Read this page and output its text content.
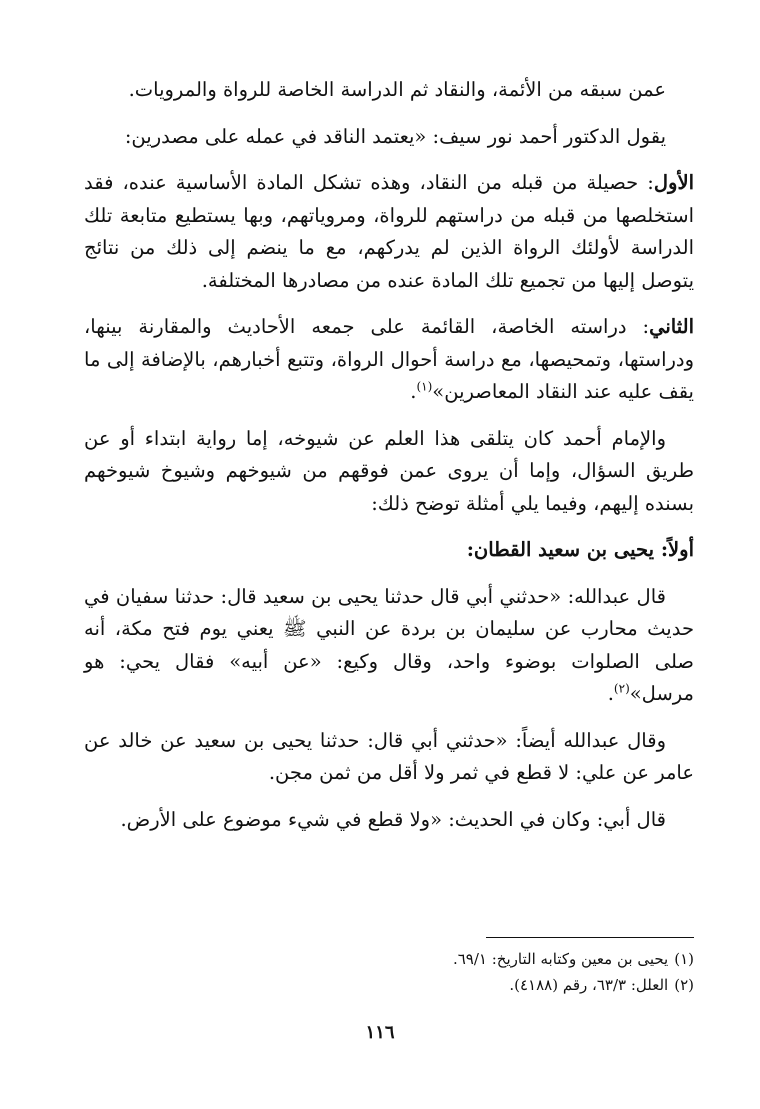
عمن سبقه من الأئمة، والنقاد ثم الدراسة الخاصة للرواة والمرويات.

يقول الدكتور أحمد نور سيف: «يعتمد الناقد في عمله على مصدرين:

الأول: حصيلة من قبله من النقاد، وهذه تشكل المادة الأساسية عنده، فقد استخلصها من قبله من دراستهم للرواة، ومروياتهم، وبها يستطيع متابعة تلك الدراسة لأولئك الرواة الذين لم يدركهم، مع ما ينضم إلى ذلك من نتائج يتوصل إليها من تجميع تلك المادة عنده من مصادرها المختلفة.

الثاني: دراسته الخاصة، القائمة على جمعه الأحاديث والمقارنة بينها، ودراستها، وتمحيصها، مع دراسة أحوال الرواة، وتتبع أخبارهم، بالإضافة إلى ما يقف عليه عند النقاد المعاصرين»$^{(١)}$.

والإمام أحمد كان يتلقى هذا العلم عن شيوخه، إما رواية ابتداء أو عن طريق السؤال، وإما أن يروى عمن فوقهم من شيوخهم وشيوخ شيوخهم بسنده إليهم، وفيما يلي أمثلة توضح ذلك:

أولاً: يحيى بن سعيد القطان:

قال عبدالله: «حدثني أبي قال حدثنا يحيى بن سعيد قال: حدثنا سفيان في حديث محارب عن سليمان بن بردة عن النبي ﷺ يعني يوم فتح مكة، أنه صلى الصلوات بوضوء واحد، وقال وكيع: «عن أبيه» فقال يحي: هو مرسل»$^{(٢)}$.

وقال عبدالله أيضاً: «حدثني أبي قال: حدثنا يحيى بن سعيد عن خالد عن عامر عن علي: لا قطع في ثمر ولا أقل من ثمن مجن.

قال أبي: وكان في الحديث: «ولا قطع في شيء موضوع على الأرض.

(١)يحيى بن معين وكتابه التاريخ: ٦٩/١.

(٢)العلل: ٦٣/٣، رقم (٤١٨٨).

١١٦
